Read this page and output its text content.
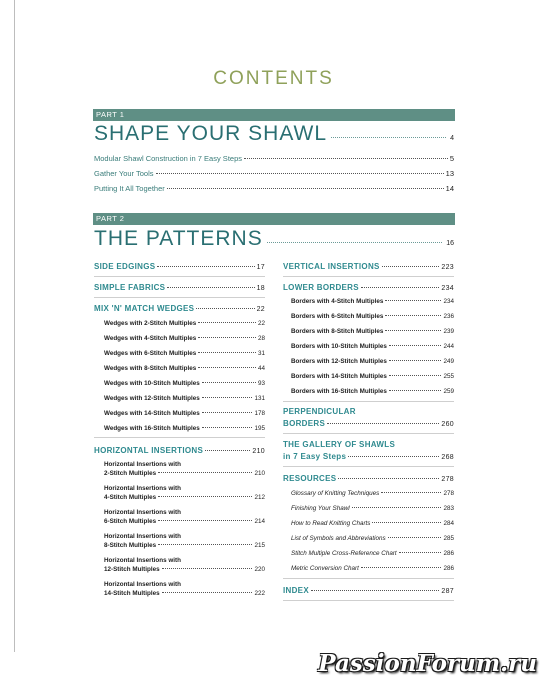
CONTENTS
PART 1
SHAPE YOUR SHAWL	4
Modular Shawl Construction in 7 Easy Steps	5
Gather Your Tools	13
Putting It All Together	14
PART 2
THE PATTERNS	16
SIDE EDGINGS	17
SIMPLE FABRICS	18
MIX 'N' MATCH WEDGES	22
Wedges with 2-Stitch Multiples	22
Wedges with 4-Stitch Multiples	28
Wedges with 6-Stitch Multiples	31
Wedges with 8-Stitch Multiples	44
Wedges with 10-Stitch Multiples	93
Wedges with 12-Stitch Multiples	131
Wedges with 14-Stitch Multiples	178
Wedges with 16-Stitch Multiples	195
HORIZONTAL INSERTIONS	210
Horizontal Insertions with
2-Stitch Multiples	210
Horizontal Insertions with
4-Stitch Multiples	212
Horizontal Insertions with
6-Stitch Multiples	214
Horizontal Insertions with
8-Stitch Multiples	215
Horizontal Insertions with
12-Stitch Multiples	220
Horizontal Insertions with
14-Stitch Multiples	222
VERTICAL INSERTIONS	223
LOWER BORDERS	234
Borders with 4-Stitch Multiples	234
Borders with 6-Stitch Multiples	236
Borders with 8-Stitch Multiples	239
Borders with 10-Stitch Multiples	244
Borders with 12-Stitch Multiples	249
Borders with 14-Stitch Multiples	255
Borders with 16-Stitch Multiples	259
PERPENDICULAR
BORDERS	260
THE GALLERY OF SHAWLS
in 7 Easy Steps	268
RESOURCES	278
Glossary of Knitting Techniques	278
Finishing Your Shawl	283
How to Read Knitting Charts	284
List of Symbols and Abbreviations	285
Stitch Multiple Cross-Reference Chart	286
Metric Conversion Chart	286
INDEX	287
PassionForum.ru
